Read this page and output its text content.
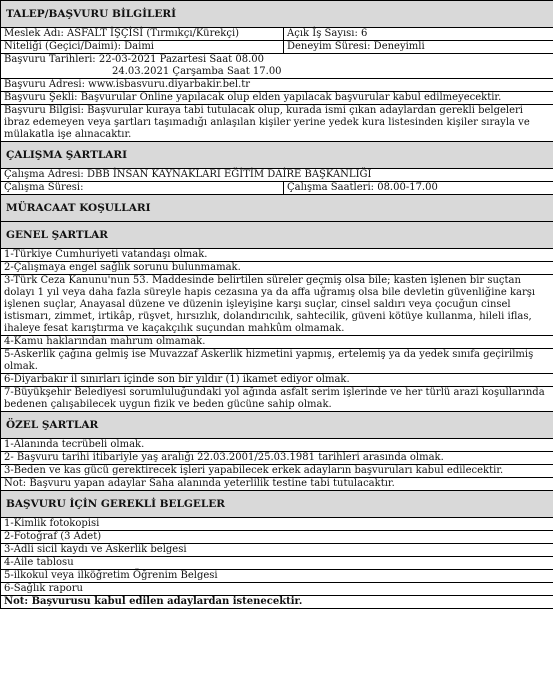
TALEP/BAŞVURU BİLGİLERİ	
Meslek Adı: ASFALT İŞÇİSİ (Tırmıkçı/Kürekçi)	Açık İş Sayısı: 6
Niteliği (Geçici/Daimi): Daimi	Deneyim Süresi: Deneyimli

Başvuru Tarihleri: 22-03-2021 Pazartesi Saat 08.00
24.03.2021 Çarşamba Saat 17.00	

Başvuru Adresi: www.isbasvuru.diyarbakir.bel.tr	
Başvuru Şekli: Başvurular Online yapılacak olup elden yapılacak başvurular kabul edilmeyecektir.	
Başvuru Bilgisi: Başvurular kuraya tabi tutulacak olup, kurada ismi çıkan adaylardan gerekli belgeleri ibraz edemeyen veya şartları taşımadığı anlaşılan kişiler yerine yedek kura listesinden kişiler sırayla ve mülakatla işe alınacaktır.	
ÇALIŞMA ŞARTLARI	
Çalışma Adresi: DBB İNSAN KAYNAKLARI EĞİTİM DAİRE BAŞKANLIĞI	
Çalışma Süresi:	Çalışma Saatleri: 08.00-17.00
MÜRACAAT KOŞULLARI	
GENEL ŞARTLAR	
1-Türkiye Cumhuriyeti vatandaşı olmak.	
2-Çalışmaya engel sağlık sorunu bulunmamak.	
3-Türk Ceza Kanunu'nun 53. Maddesinde belirtilen süreler geçmiş olsa bile; kasten işlenen bir suçtan dolayı 1 yıl veya daha fazla süreyle hapis cezasına ya da affa uğramış olsa bile devletin güvenliğine karşı işlenen suçlar, Anayasal düzene ve düzenin işleyişine karşı suçlar, cinsel saldırı veya çocuğun cinsel istismarı, zimmet, irtikâp, rüşvet, hırsızlık, dolandırıcılık, sahtecilik, güveni kötüye kullanma, hileli iflas, ihaleye fesat karıştırma ve kaçakçılık suçundan mahkûm olmamak.	
4-Kamu haklarından mahrum olmamak.	
5-Askerlik çağına gelmiş ise Muvazzaf Askerlik hizmetini yapmış, ertelemiş ya da yedek sınıfa geçirilmiş olmak.	
6-Diyarbakır il sınırları içinde son bir yıldır (1) ikamet ediyor olmak.	
7-Büyükşehir Belediyesi sorumluluğundaki yol ağında asfalt serim işlerinde ve her türlü arazi koşullarında bedenen çalışabilecek uygun fizik ve beden gücüne sahip olmak.	
ÖZEL ŞARTLAR	
1-Alanında tecrübeli olmak.	
2- Başvuru tarihi itibariyle yaş aralığı 22.03.2001/25.03.1981 tarihleri arasında olmak.	
3-Beden ve kas gücü gerektirecek işleri yapabilecek erkek adayların başvuruları kabul edilecektir.	
Not: Başvuru yapan adaylar Saha alanında yeterlilik testine tabi tutulacaktır.	
BAŞVURU İÇİN GEREKLİ BELGELER	
1-Kimlik fotokopisi	
2-Fotoğraf (3 Adet)	
3-Adli sicil kaydı ve Askerlik belgesi	
4-Aile tablosu	
5-ilkokul veya ilköğretim Öğrenim Belgesi	
6-Sağlık raporu	
Not: Başvurusu kabul edilen adaylardan istenecektir.	
